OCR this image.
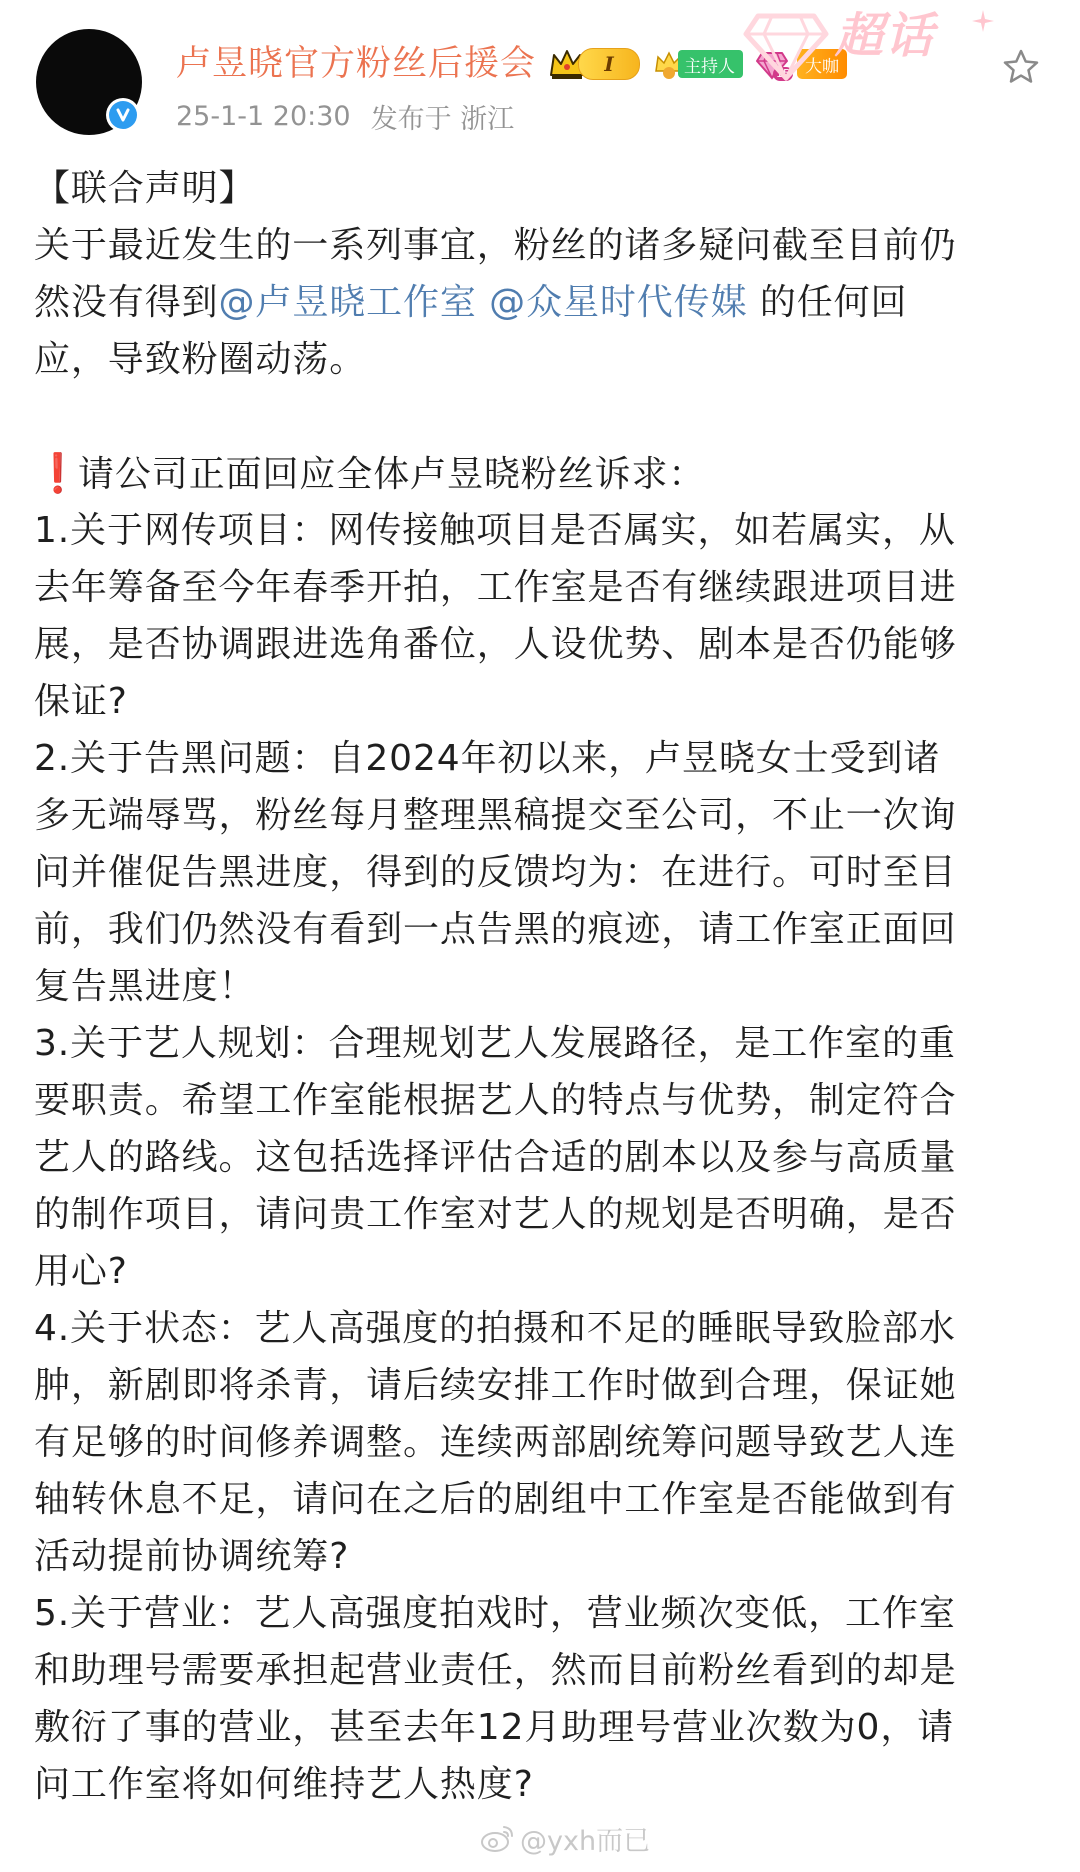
卢昱晓官方粉丝后援会	I	主持人	15 大咖
25-1-1 20:30 发布于 浙江
超话
【联合声明】
关于最近发生的一系列事宜，粉丝的诸多疑问截至目前仍
然没有得到@卢昱晓工作室 @众星时代传媒 的任何回
应，导致粉圈动荡。
❗请公司正面回应全体卢昱晓粉丝诉求：
1.关于网传项目：网传接触项目是否属实，如若属实，从
去年筹备至今年春季开拍，工作室是否有继续跟进项目进
展，是否协调跟进选角番位，人设优势、剧本是否仍能够
保证?
2.关于告黑问题：自2024年初以来，卢昱晓女士受到诸
多无端辱骂，粉丝每月整理黑稿提交至公司，不止一次询
问并催促告黑进度，得到的反馈均为：在进行。可时至目
前，我们仍然没有看到一点告黑的痕迹，请工作室正面回
复告黑进度！
3.关于艺人规划：合理规划艺人发展路径，是工作室的重
要职责。希望工作室能根据艺人的特点与优势，制定符合
艺人的路线。这包括选择评估合适的剧本以及参与高质量
的制作项目，请问贵工作室对艺人的规划是否明确，是否
用心?
4.关于状态：艺人高强度的拍摄和不足的睡眠导致脸部水
肿，新剧即将杀青，请后续安排工作时做到合理，保证她
有足够的时间修养调整。连续两部剧统筹问题导致艺人连
轴转休息不足，请问在之后的剧组中工作室是否能做到有
活动提前协调统筹?
5.关于营业：艺人高强度拍戏时，营业频次变低，工作室
和助理号需要承担起营业责任，然而目前粉丝看到的却是
敷衍了事的营业，甚至去年12月助理号营业次数为0，请
问工作室将如何维持艺人热度?
@yxh而已
